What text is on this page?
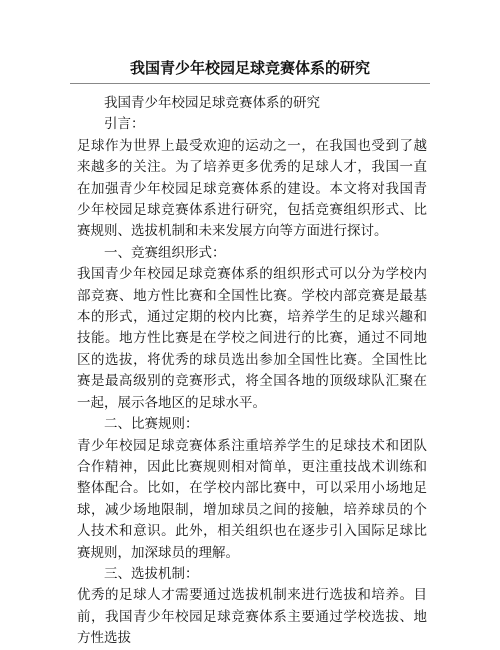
我国青少年校园足球竞赛体系的研究

我国青少年校园足球竞赛体系的研究

引言：

足球作为世界上最受欢迎的运动之一，在我国也受到了越来越多的关注。为了培养更多优秀的足球人才，我国一直在加强青少年校园足球竞赛体系的建设。本文将对我国青少年校园足球竞赛体系进行研究，包括竞赛组织形式、比赛规则、选拔机制和未来发展方向等方面进行探讨。

一、竞赛组织形式：

我国青少年校园足球竞赛体系的组织形式可以分为学校内部竞赛、地方性比赛和全国性比赛。学校内部竞赛是最基本的形式，通过定期的校内比赛，培养学生的足球兴趣和技能。地方性比赛是在学校之间进行的比赛，通过不同地区的选拔，将优秀的球员选出参加全国性比赛。全国性比赛是最高级别的竞赛形式，将全国各地的顶级球队汇聚在一起，展示各地区的足球水平。

二、比赛规则：

青少年校园足球竞赛体系注重培养学生的足球技术和团队合作精神，因此比赛规则相对简单，更注重技战术训练和整体配合。比如，在学校内部比赛中，可以采用小场地足球，减少场地限制，增加球员之间的接触，培养球员的个人技术和意识。此外，相关组织也在逐步引入国际足球比赛规则，加深球员的理解。

三、选拔机制：

优秀的足球人才需要通过选拔机制来进行选拔和培养。目前，我国青少年校园足球竞赛体系主要通过学校选拔、地方性选拔
